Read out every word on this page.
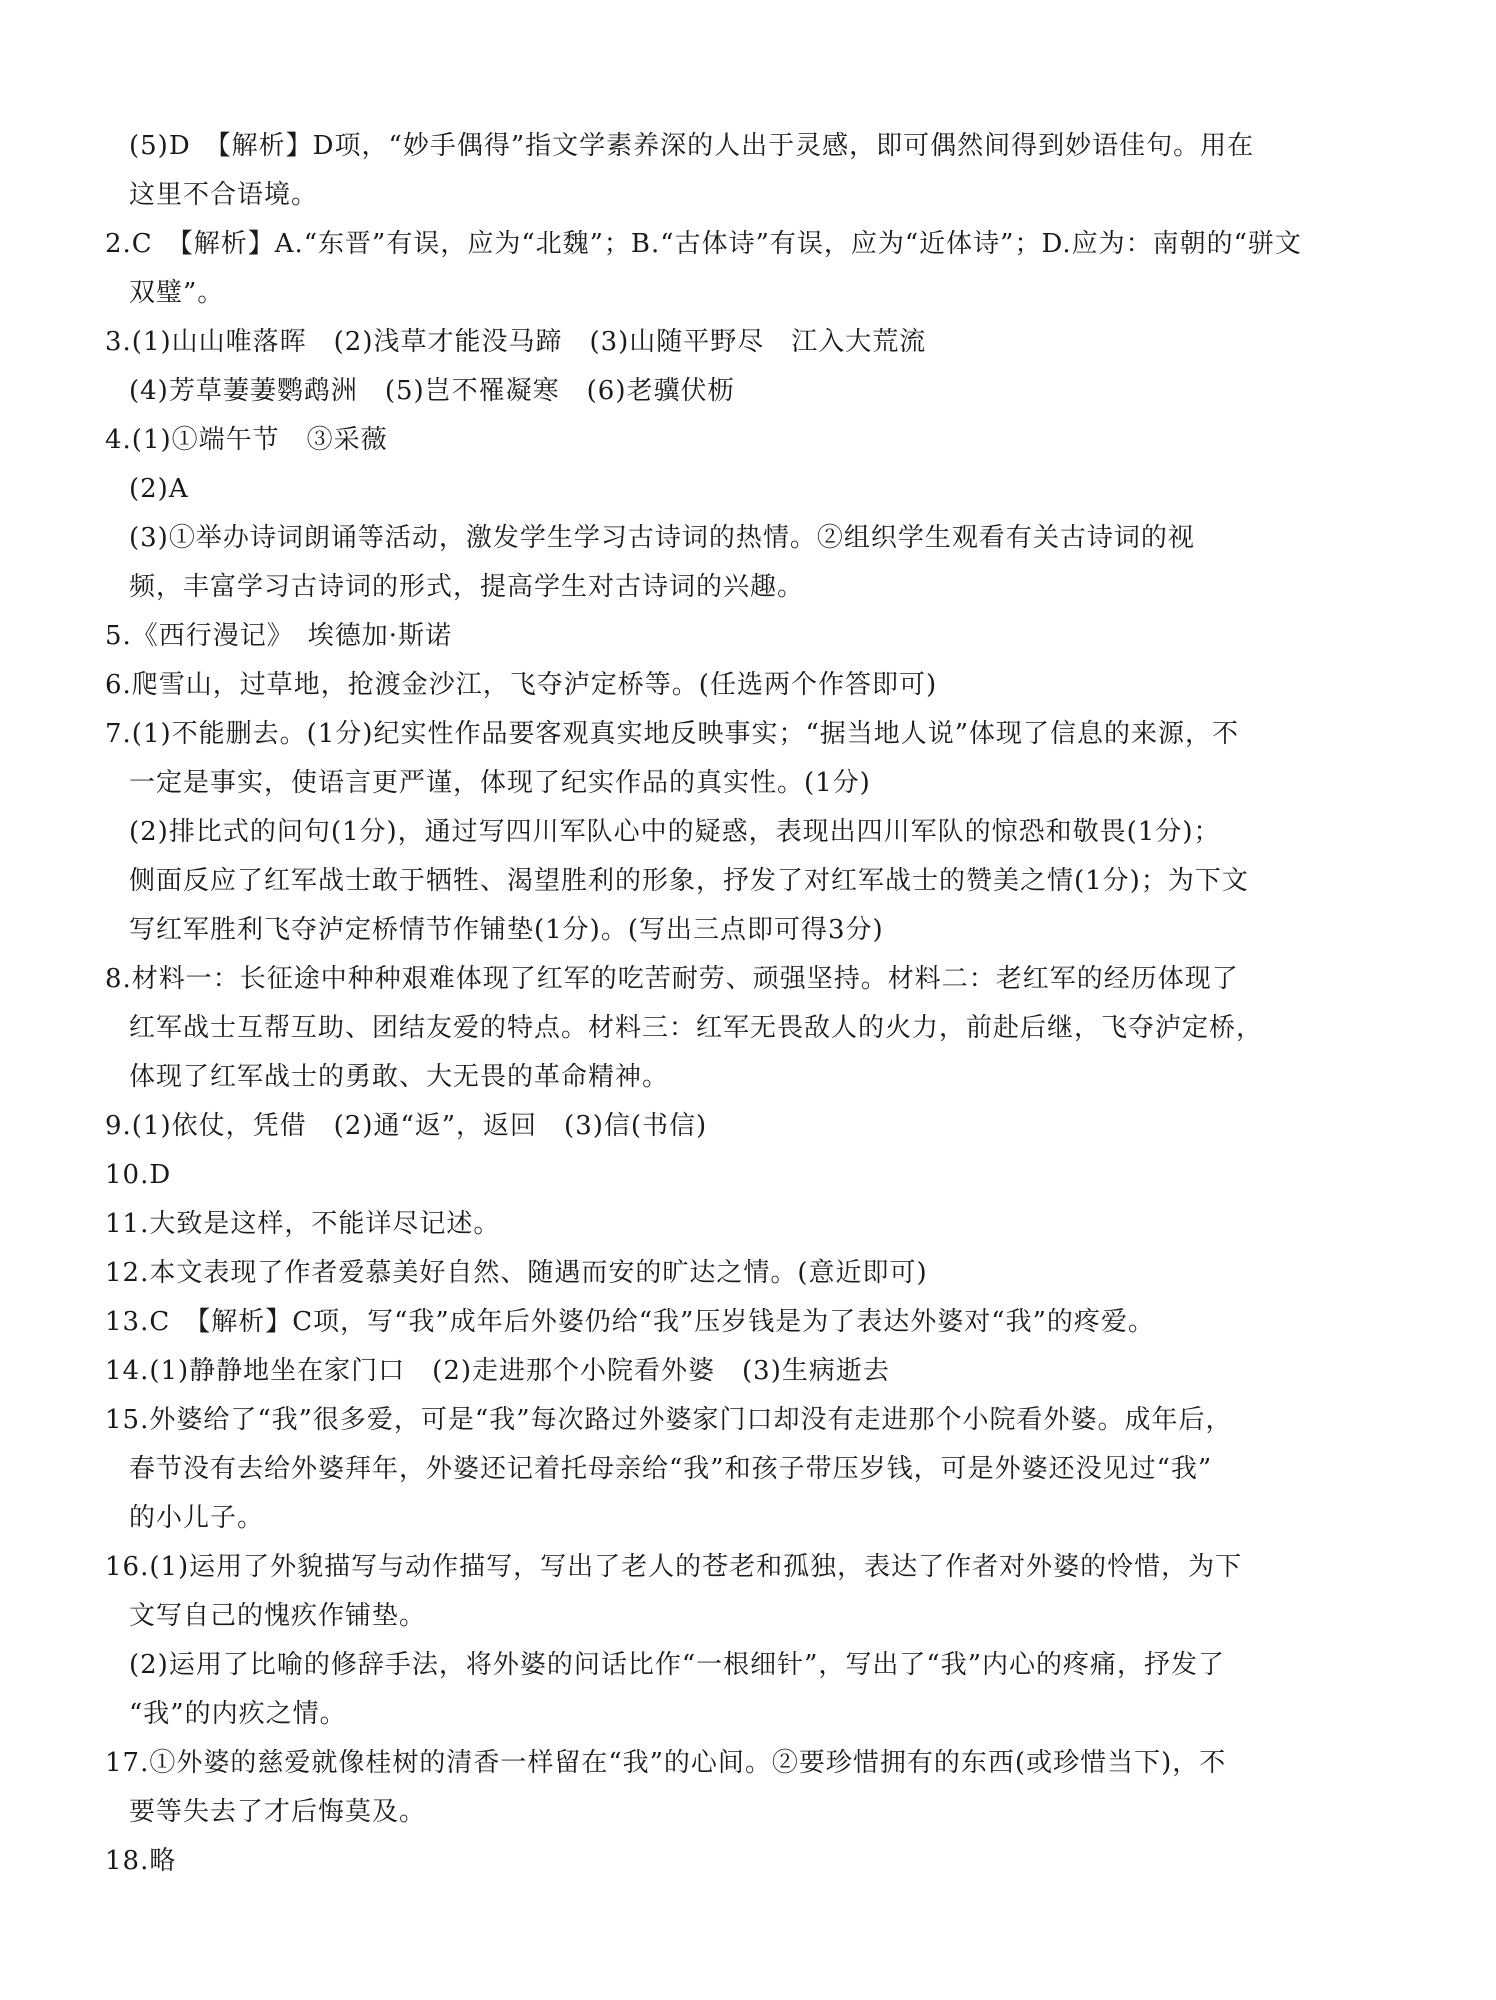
(5)D　【解析】D项，“妙手偶得”指文学素养深的人出于灵感，即可偶然间得到妙语佳句。用在
这里不合语境。
2.C　【解析】A.“东晋”有误，应为“北魏”；B.“古体诗”有误，应为“近体诗”；D.应为：南朝的“骈文
双璧”。
3.(1)山山唯落晖　(2)浅草才能没马蹄　(3)山随平野尽　江入大荒流
(4)芳草萋萋鹦鹉洲　(5)岂不罹凝寒　(6)老骥伏枥
4.(1)①端午节　③采薇
(2)A
(3)①举办诗词朗诵等活动，激发学生学习古诗词的热情。②组织学生观看有关古诗词的视
频，丰富学习古诗词的形式，提高学生对古诗词的兴趣。
5.《西行漫记》　埃德加·斯诺
6.爬雪山，过草地，抢渡金沙江，飞夺泸定桥等。(任选两个作答即可)
7.(1)不能删去。(1分)纪实性作品要客观真实地反映事实；“据当地人说”体现了信息的来源，不
一定是事实，使语言更严谨，体现了纪实作品的真实性。(1分)
(2)排比式的问句(1分)，通过写四川军队心中的疑惑，表现出四川军队的惊恐和敬畏(1分)；
侧面反应了红军战士敢于牺牲、渴望胜利的形象，抒发了对红军战士的赞美之情(1分)；为下文
写红军胜利飞夺泸定桥情节作铺垫(1分)。(写出三点即可得3分)
8.材料一：长征途中种种艰难体现了红军的吃苦耐劳、顽强坚持。材料二：老红军的经历体现了
红军战士互帮互助、团结友爱的特点。材料三：红军无畏敌人的火力，前赴后继，飞夺泸定桥，
体现了红军战士的勇敢、大无畏的革命精神。
9.(1)依仗，凭借　(2)通“返”，返回　(3)信(书信)
10.D
11.大致是这样，不能详尽记述。
12.本文表现了作者爱慕美好自然、随遇而安的旷达之情。(意近即可)
13.C　【解析】C项，写“我”成年后外婆仍给“我”压岁钱是为了表达外婆对“我”的疼爱。
14.(1)静静地坐在家门口　(2)走进那个小院看外婆　(3)生病逝去
15.外婆给了“我”很多爱，可是“我”每次路过外婆家门口却没有走进那个小院看外婆。成年后，
春节没有去给外婆拜年，外婆还记着托母亲给“我”和孩子带压岁钱，可是外婆还没见过“我”
的小儿子。
16.(1)运用了外貌描写与动作描写，写出了老人的苍老和孤独，表达了作者对外婆的怜惜，为下
文写自己的愧疚作铺垫。
(2)运用了比喻的修辞手法，将外婆的问话比作“一根细针”，写出了“我”内心的疼痛，抒发了
“我”的内疚之情。
17.①外婆的慈爱就像桂树的清香一样留在“我”的心间。②要珍惜拥有的东西(或珍惜当下)，不
要等失去了才后悔莫及。
18.略
